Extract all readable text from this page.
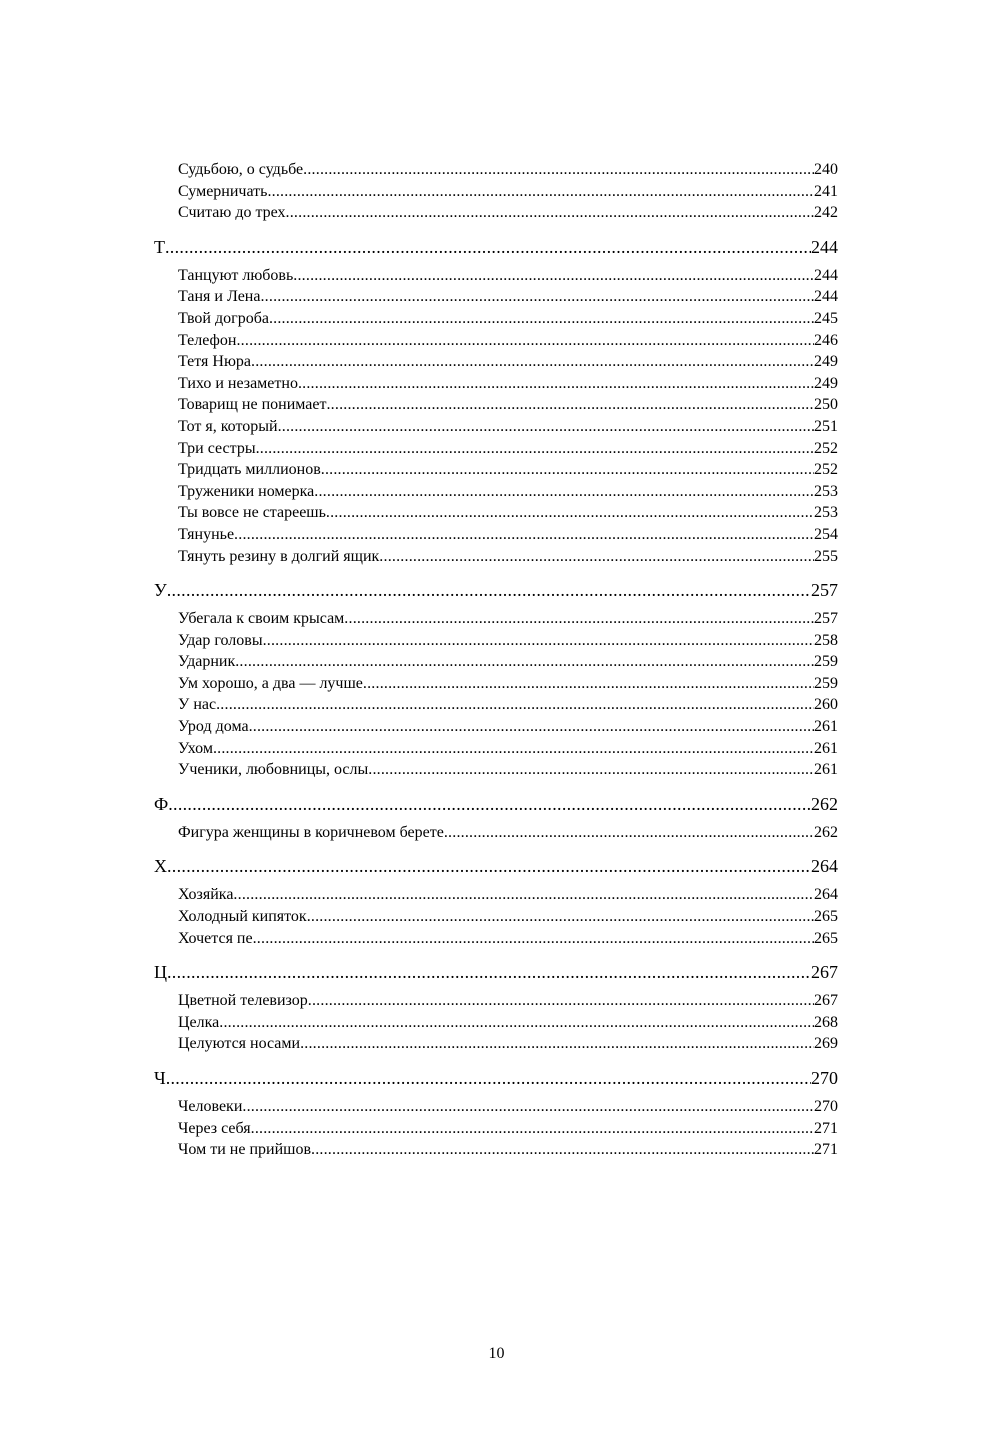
Судьбою, о судьбе .....	240
Сумерничать .....	241
Считаю до трех .....	242
Т .....	244
Танцуют любовь .....	244
Таня и Лена .....	244
Твой догроба .....	245
Телефон .....	246
Тетя Нюра .....	249
Тихо и незаметно .....	249
Товарищ не понимает .....	250
Тот я, который .....	251
Три сестры .....	252
Тридцать миллионов .....	252
Труженики номерка .....	253
Ты вовсе не стареешь .....	253
Тянунье .....	254
Тянуть резину в долгий ящик .....	255
У .....	257
Убегала к своим крысам .....	257
Удар головы .....	258
Ударник .....	259
Ум хорошо, а два — лучше .....	259
У нас .....	260
Урод дома .....	261
Ухом .....	261
Ученики, любовницы, ослы .....	261
Ф .....	262
Фигура женщины в коричневом берете .....	262
Х .....	264
Хозяйка .....	264
Холодный кипяток .....	265
Хочется пе .....	265
Ц .....	267
Цветной телевизор .....	267
Целка .....	268
Целуются носами .....	269
Ч .....	270
Человеки .....	270
Через себя .....	271
Чом ти не прийшов .....	271
10
